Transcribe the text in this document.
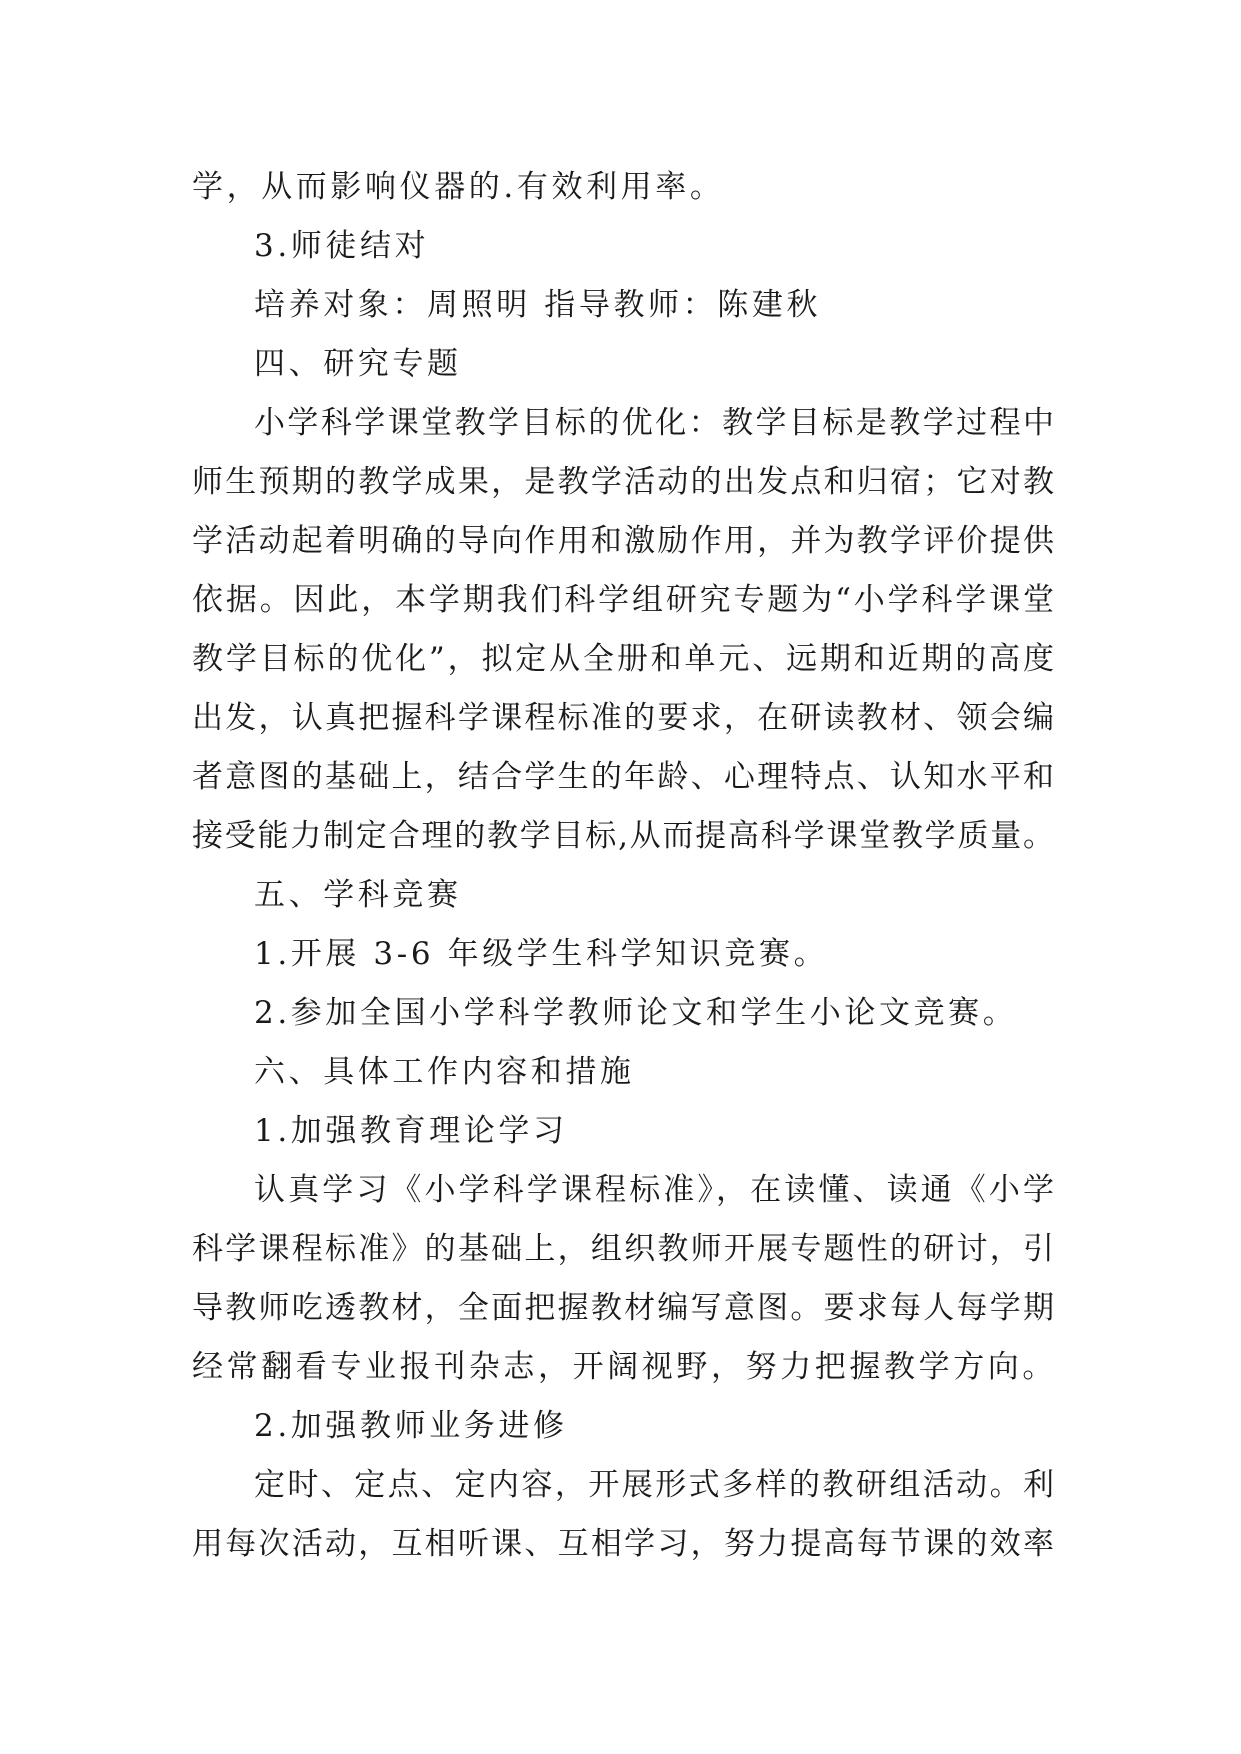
学，从而影响仪器的.有效利用率。
3.师徒结对
培养对象：周照明 指导教师：陈建秋
四、研究专题
小学科学课堂教学目标的优化：教学目标是教学过程中
师生预期的教学成果，是教学活动的出发点和归宿；它对教
学活动起着明确的导向作用和激励作用，并为教学评价提供
依据。因此，本学期我们科学组研究专题为“小学科学课堂
教学目标的优化”，拟定从全册和单元、远期和近期的高度
出发，认真把握科学课程标准的要求，在研读教材、领会编
者意图的基础上，结合学生的年龄、心理特点、认知水平和
接受能力制定合理的教学目标,从而提高科学课堂教学质量。
五、学科竞赛
1.开展 3-6 年级学生科学知识竞赛。
2.参加全国小学科学教师论文和学生小论文竞赛。
六、具体工作内容和措施
1.加强教育理论学习
认真学习《小学科学课程标准》，在读懂、读通《小学
科学课程标准》的基础上，组织教师开展专题性的研讨，引
导教师吃透教材，全面把握教材编写意图。要求每人每学期
经常翻看专业报刊杂志，开阔视野，努力把握教学方向。
2.加强教师业务进修
定时、定点、定内容，开展形式多样的教研组活动。利
用每次活动，互相听课、互相学习，努力提高每节课的效率
